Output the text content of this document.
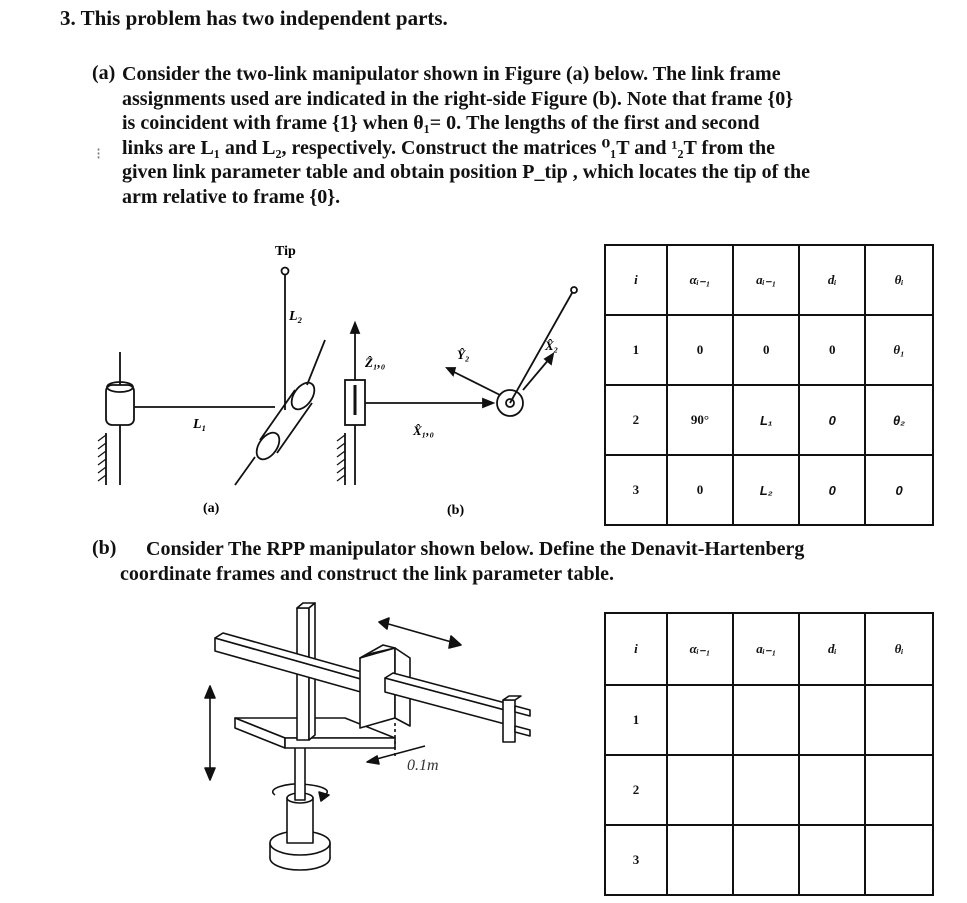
3. This problem has two independent parts.
(a) Consider the two-link manipulator shown in Figure (a) below. The link frame
assignments used are indicated in the right-side Figure (b). Note that frame {0}
is coincident with frame {1} when θ₁= 0. The lengths of the first and second
links are L₁ and L₂, respectively. Construct the matrices ⁰₁T and ¹₂T from the
given link parameter table and obtain position P_tip , which locates the tip of the
arm relative to frame {0}.
⁝
Tip
L₂
L₁
(a)
Ẑ₁,₀
X̂₁,₀
Ŷ₂
X̂₂
(b)
i	αᵢ₋₁	aᵢ₋₁	dᵢ	θᵢ
1	0	0	0	θ₁
2	90°	L₁	0	θ₂
3	0	L₂	0	0
(b)	Consider The RPP manipulator shown below. Define the Denavit-Hartenberg
coordinate frames and construct the link parameter table.
0.1m
i	αᵢ₋₁	aᵢ₋₁	dᵢ	θᵢ
1				
2				
3				
